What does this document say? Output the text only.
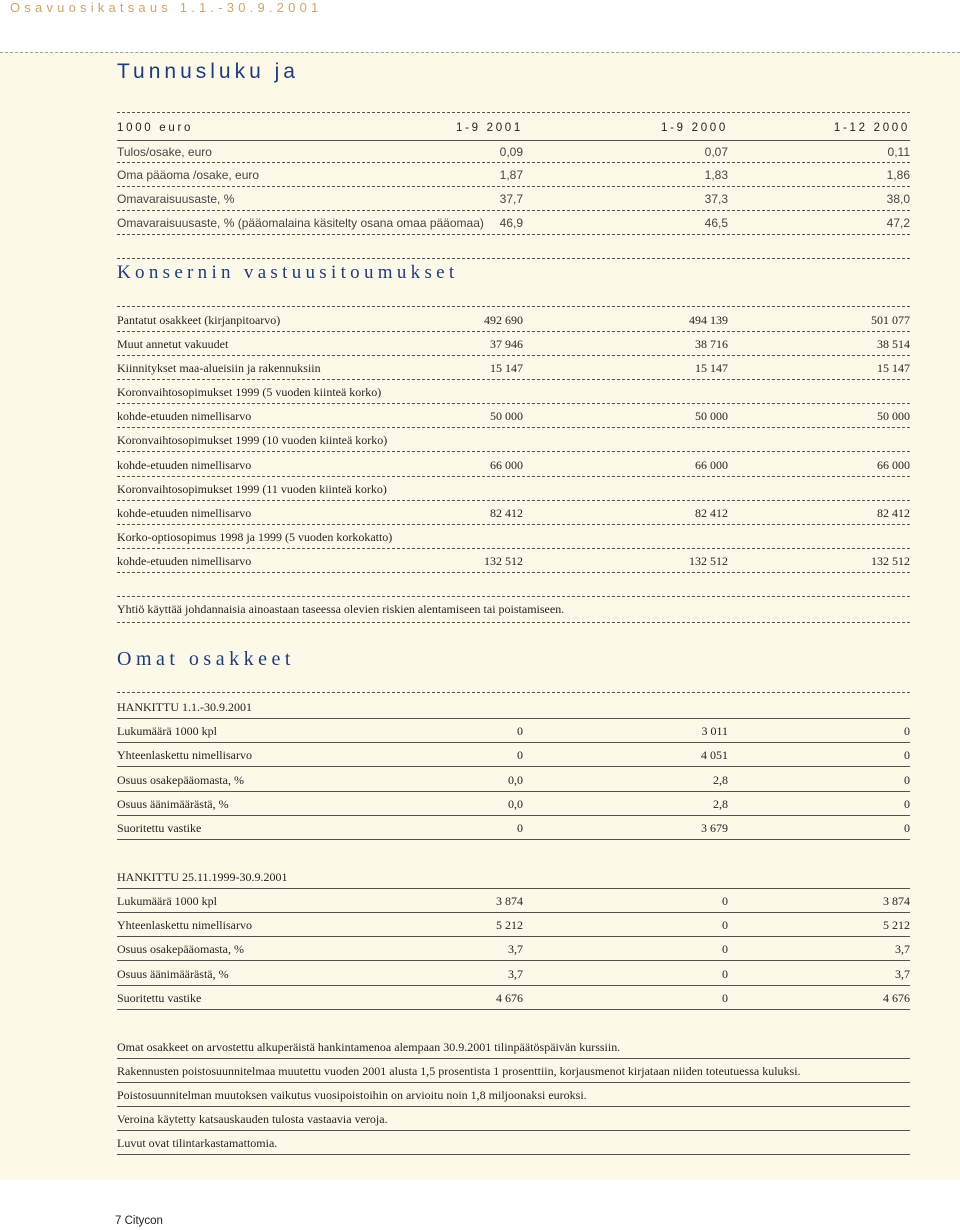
Osavuosikatsaus 1.1.-30.9.2001
Tunnusluku ja
1000 euro	1-9 2001	1-9 2000	1-12 2000
Tulos/osake, euro	0,09	0,07	0,11
Oma pääoma /osake, euro	1,87	1,83	1,86
Omavaraisuusaste, %	37,7	37,3	38,0
Omavaraisuusaste, % (pääomalaina käsitelty osana omaa pääomaa) 46,9	46,5	47,2
Konsernin vastuusitoumukset
Pantatut osakkeet (kirjanpitoarvo)	492 690	494 139	501 077
Muut annetut vakuudet	37 946	38 716	38 514
Kiinnitykset maa-alueisiin ja rakennuksiin	15 147	15 147	15 147
Koronvaihtosopimukset 1999 (5 vuoden kiinteä korko)
kohde-etuuden nimellisarvo	50 000	50 000	50 000
Koronvaihtosopimukset 1999 (10 vuoden kiinteä korko)
kohde-etuuden nimellisarvo	66 000	66 000	66 000
Koronvaihtosopimukset 1999 (11 vuoden kiinteä korko)
kohde-etuuden nimellisarvo	82 412	82 412	82 412
Korko-optiosopimus 1998 ja 1999 (5 vuoden korkokatto)
kohde-etuuden nimellisarvo	132 512	132 512	132 512
Yhtiö käyttää johdannaisia ainoastaan taseessa olevien riskien alentamiseen tai poistamiseen.
Omat osakkeet
HANKITTU 1.1.-30.9.2001
Lukumäärä 1000 kpl	0	3 011	0
Yhteenlaskettu nimellisarvo	0	4 051	0
Osuus osakepääomasta, %	0,0	2,8	0
Osuus äänimäärästä, %	0,0	2,8	0
Suoritettu vastike	0	3 679	0
HANKITTU 25.11.1999-30.9.2001
Lukumäärä 1000 kpl	3 874	0	3 874
Yhteenlaskettu nimellisarvo	5 212	0	5 212
Osuus osakepääomasta, %	3,7	0	3,7
Osuus äänimäärästä, %	3,7	0	3,7
Suoritettu vastike	4 676	0	4 676
Omat osakkeet on arvostettu alkuperäistä hankintamenoa alempaan 30.9.2001 tilinpäätöspäivän kurssiin.
Rakennusten poistosuunnitelmaa muutettu vuoden 2001 alusta 1,5 prosentista 1 prosenttiin, korjausmenot kirjataan niiden toteutuessa kuluksi.
Poistosuunnitelman muutoksen vaikutus vuosipoistoihin on arvioitu noin 1,8 miljoonaksi euroksi.
Veroina käytetty katsauskauden tulosta vastaavia veroja.
Luvut ovat tilintarkastamattomia.
7 Citycon
